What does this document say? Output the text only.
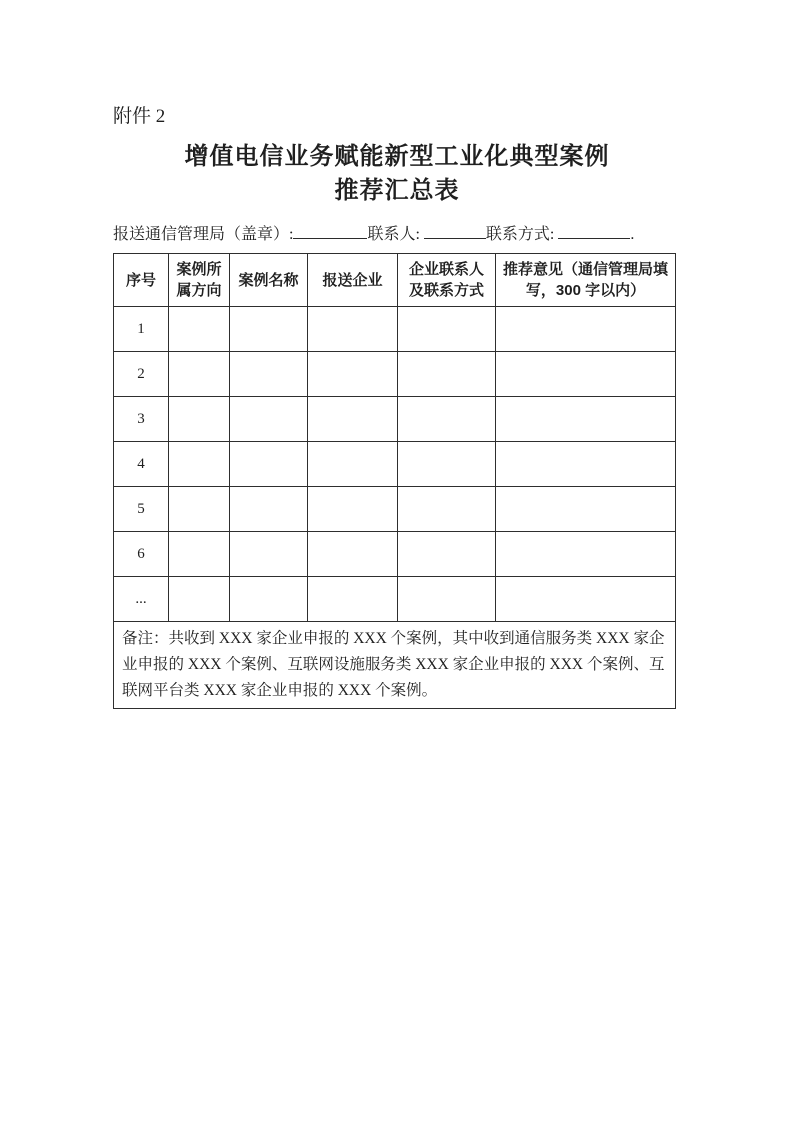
附件 2
增值电信业务赋能新型工业化典型案例
推荐汇总表
报送通信管理局（盖章）:	联系人:	联系方式:	.
序号	案例所属方向	案例名称	报送企业	企业联系人及联系方式	推荐意见（通信管理局填写，300 字以内）
1					
2					
3					
4					
5					
6					
...					
备注：共收到 XXX 家企业申报的 XXX 个案例，其中收到通信服务类 XXX 家企业申报的 XXX 个案例、互联网设施服务类 XXX 家企业申报的 XXX 个案例、互联网平台类 XXX 家企业申报的 XXX 个案例。					
